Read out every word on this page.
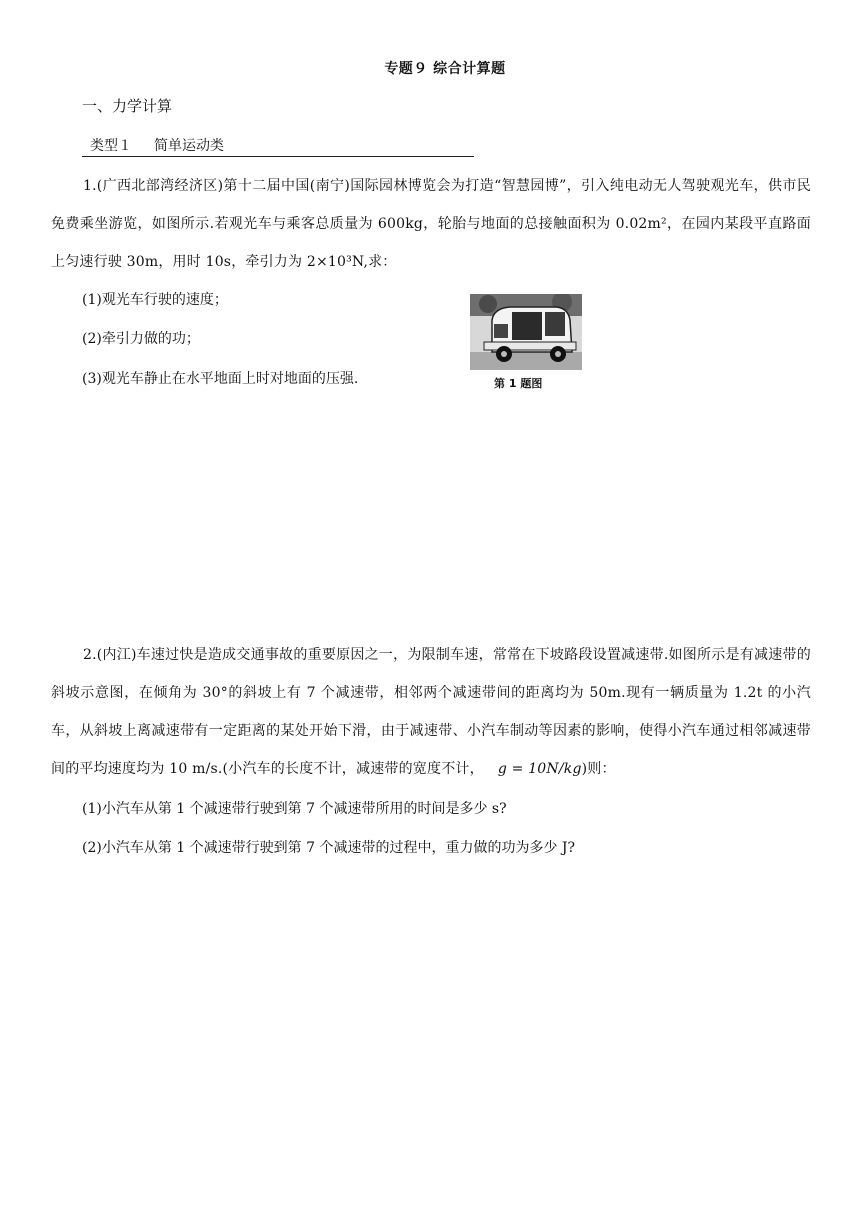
专题９ 综合计算题
一、力学计算
类型１ 简单运动类
1.(广西北部湾经济区)第十二届中国(南宁)国际园林博览会为打造“智慧园博”，引入纯电动无人驾驶观光车，供市民免费乘坐游览，如图所示.若观光车与乘客总质量为 600kg，轮胎与地面的总接触面积为 0.02m²，在园内某段平直路面上匀速行驶 30m，用时 10s，牵引力为 2×10³N,求：
(1)观光车行驶的速度；
(2)牵引力做的功；
(3)观光车静止在水平地面上时对地面的压强.	第 1 题图
2.(内江)车速过快是造成交通事故的重要原因之一，为限制车速，常常在下坡路段设置减速带.如图所示是有减速带的斜坡示意图，在倾角为 30°的斜坡上有 7 个减速带，相邻两个减速带间的距离均为 50m.现有一辆质量为 1.2t 的小汽车，从斜坡上离减速带有一定距离的某处开始下滑，由于减速带、小汽车制动等因素的影响，使得小汽车通过相邻减速带间的平均速度均为 10 m/s.(小汽车的长度不计，减速带的宽度不计， g = 10N/kg)则：
(1)小汽车从第 1 个减速带行驶到第 7 个减速带所用的时间是多少 s?
(2)小汽车从第 1 个减速带行驶到第 7 个减速带的过程中，重力做的功为多少 J?
